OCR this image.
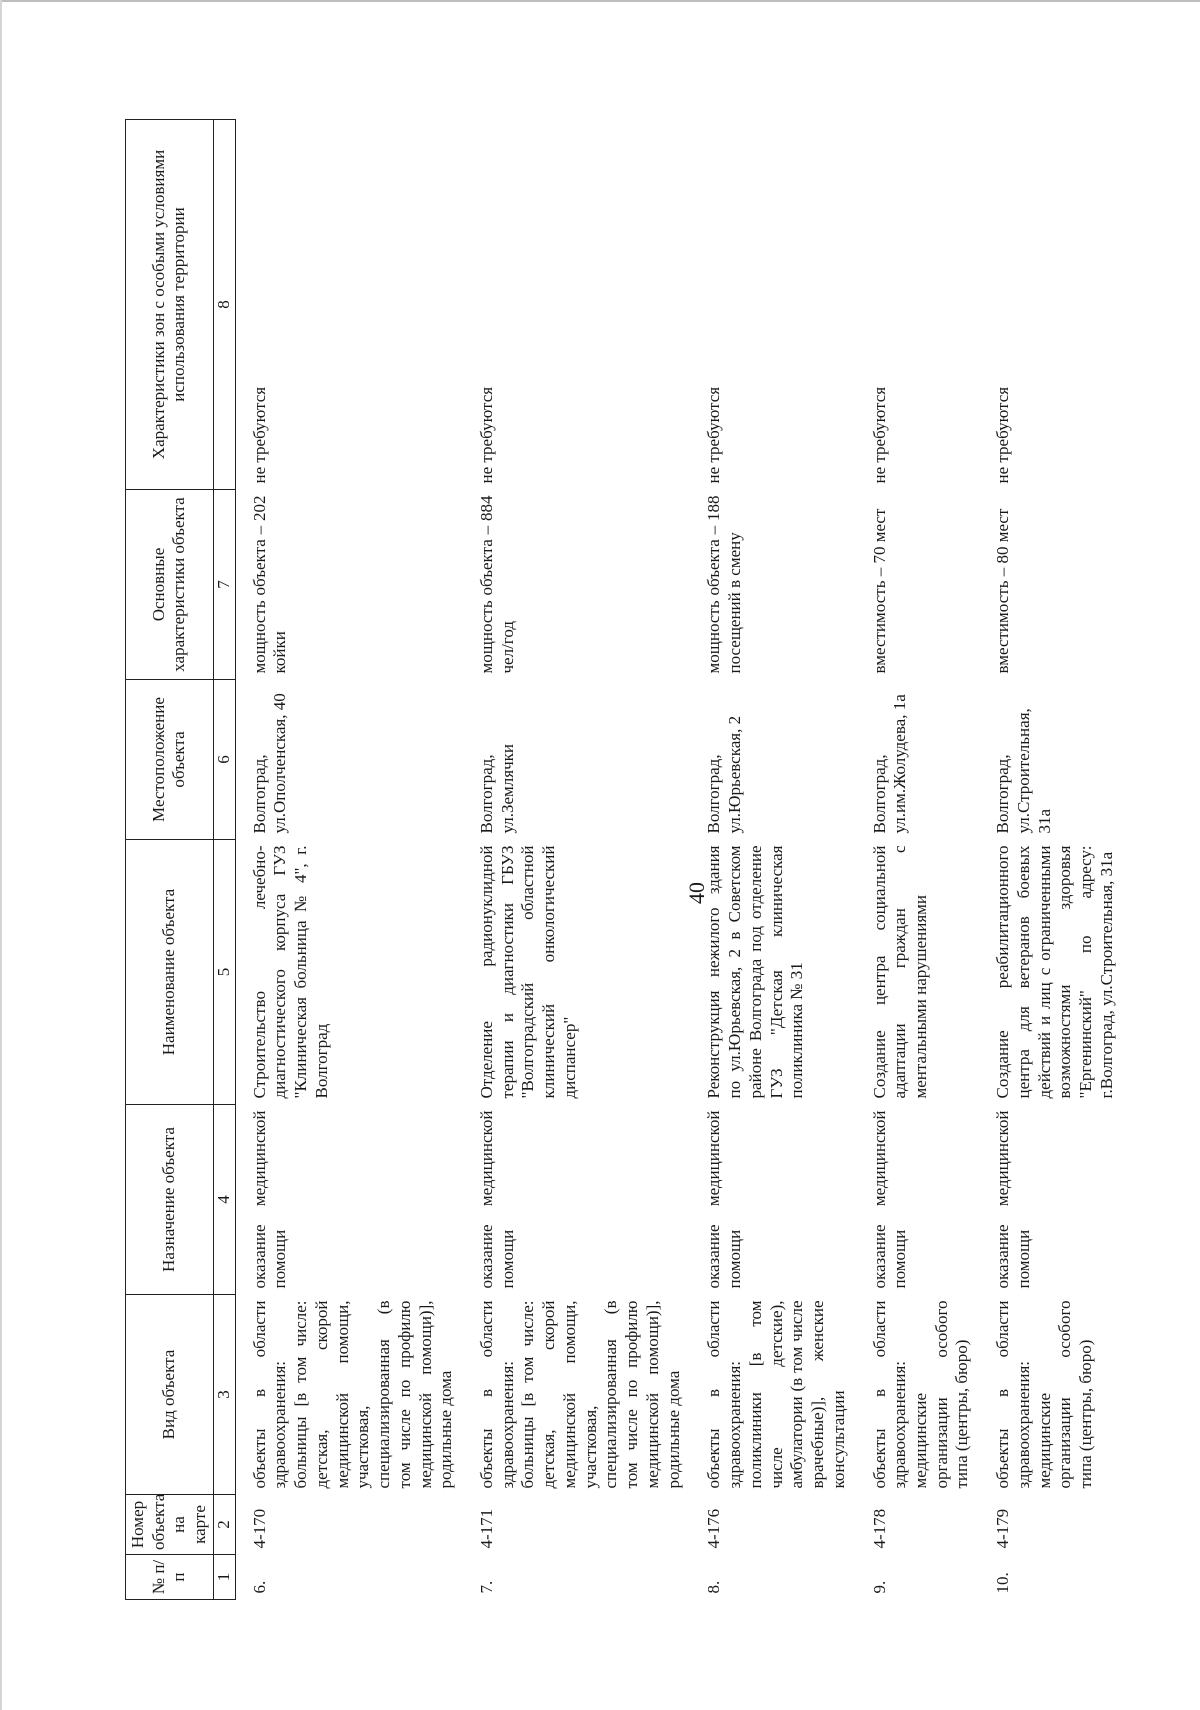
40
№ п/п	Номер объекта на карте	Вид объекта	Назначение объекта	Наименование объекта	Местоположение объекта	Основные характеристики объекта	Характеристики зон с особыми условиями использования территории
1	2	3	4	5	6	7	8
6.	4-170	объекты в области здравоохранения: больницы [в том числе: детская, скорой медицинской помощи, участковая, специализированная (в том числе по профилю медицинской помощи)], родильные дома	оказание медицинской помощи	Строительство лечебно-диагностического корпуса ГУЗ "Клиническая больница № 4", г. Волгоград	Волгоград, ул.Ополченская, 40	мощность объекта – 202 койки	не требуются
7.	4-171	объекты в области здравоохранения: больницы [в том числе: детская, скорой медицинской помощи, участковая, специализированная (в том числе по профилю медицинской помощи)], родильные дома	оказание медицинской помощи	Отделение радионуклидной терапии и диагностики ГБУЗ "Волгоградский областной клинический онкологический диспансер"	Волгоград, ул.Землячки	мощность объекта – 884 чел/год	не требуются
8.	4-176	объекты в области здравоохранения: поликлиники [в том числе детские), амбулатории (в том числе врачебные)], женские консультации	оказание медицинской помощи	Реконструкция нежилого здания по ул.Юрьевская, 2 в Советском районе Волгограда под отделение ГУЗ "Детская клиническая поликлиника № 31	Волгоград, ул.Юрьевская, 2	мощность объекта – 188 посещений в смену	не требуются
9.	4-178	объекты в области здравоохранения: медицинские организации особого типа (центры, бюро)	оказание медицинской помощи	Создание центра социальной адаптации граждан с ментальными нарушениями	Волгоград, ул.им.Жолудева, 1а	вместимость – 70 мест	не требуются
10.	4-179	объекты в области здравоохранения: медицинские организации особого типа (центры, бюро)	оказание медицинской помощи	Создание реабилитационного центра для ветеранов боевых действий и лиц с ограниченными возможностями здоровья "Ергенинский" по адресу: г.Волгоград, ул.Строительная, 31а	Волгоград, ул.Строительная, 31а	вместимость – 80 мест	не требуются
